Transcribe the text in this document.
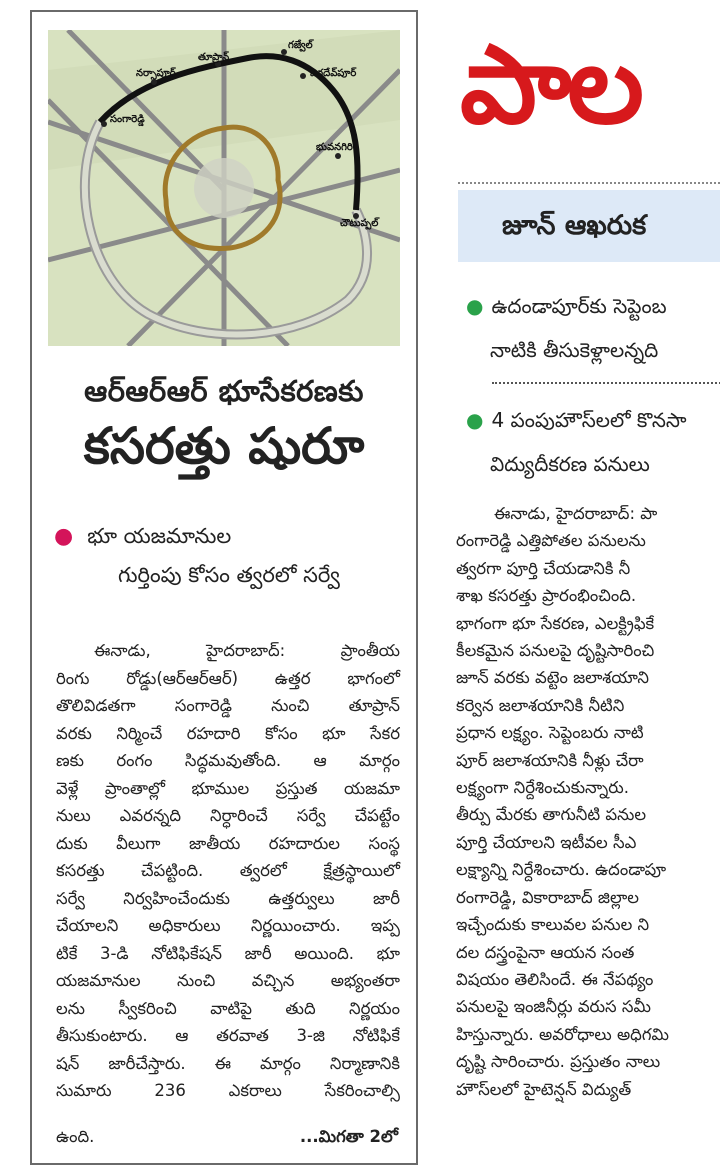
గజ్వేల్
తూప్రాన్
జగదేవ్‌పూర్
నర్సాపూర్
సంగారెడ్డి
భువనగిరి
చౌటుప్పల్
ఆర్‌ఆర్‌ఆర్ భూసేకరణకు
కసరత్తు షురూ
● భూ యజమానుల
గుర్తింపు కోసం త్వరలో సర్వే

ఈనాడు, హైదరాబాద్: ప్రాంతీయ

రింగు రోడ్డు(ఆర్‌ఆర్‌ఆర్) ఉత్తర భాగంలో

తొలివిడతగా సంగారెడ్డి నుంచి తూప్రాన్

వరకు నిర్మించే రహదారి కోసం భూ సేకర

ణకు రంగం సిద్ధమవుతోంది. ఆ మార్గం

వెళ్లే ప్రాంతాల్లో భూముల ప్రస్తుత యజమా

నులు ఎవరన్నది నిర్ధారించే సర్వే చేపట్టేం

దుకు వీలుగా జాతీయ రహదారుల సంస్థ

కసరత్తు చేపట్టింది. త్వరలో క్షేత్రస్థాయిలో

సర్వే నిర్వహించేందుకు ఉత్తర్వులు జారీ

చేయాలని అధికారులు నిర్ణయించారు. ఇప్ప

టికే 3-డి నోటిఫికేషన్ జారీ అయింది. భూ

యజమానుల నుంచి వచ్చిన అభ్యంతరా

లను స్వీకరించి వాటిపై తుది నిర్ణయం

తీసుకుంటారు. ఆ తరవాత 3-జి నోటిఫికే

షన్ జారీచేస్తారు. ఈ మార్గం నిర్మాణానికి

సుమారు 236 ఎకరాలు సేకరించాల్సి

ఉంది.	...మిగతా 2లో
పాల
జూన్ ఆఖరుక
● ఉదండాపూర్‌కు సెప్టెంబ
నాటికి తీసుకెళ్లాలన్నది
● 4 పంపుహౌస్‌లలో కొనసా
విద్యుదీకరణ పనులు

ఈనాడు, హైదరాబాద్: పా

రంగారెడ్డి ఎత్తిపోతల పనులను

త్వరగా పూర్తి చేయడానికి నీ

శాఖ కసరత్తు ప్రారంభించింది.

భాగంగా భూ సేకరణ, ఎలక్ట్రిఫికే

కీలకమైన పనులపై దృష్టిసారించి

జూన్ వరకు వట్టెం జలాశయాని

కర్వెన జలాశయానికి నీటిని

ప్రధాన లక్ష్యం. సెప్టెంబరు నాటి

పూర్ జలాశయానికి నీళ్లు చేరా

లక్ష్యంగా నిర్దేశించుకున్నారు.

తీర్పు మేరకు తాగునీటి పనుల

పూర్తి చేయాలని ఇటీవల సీఎ

లక్ష్యాన్ని నిర్దేశించారు. ఉదండాపూ

రంగారెడ్డి, వికారాబాద్ జిల్లాల

ఇచ్చేందుకు కాలువల పనుల ని

దల దస్త్రంపైనా ఆయన సంత

విషయం తెలిసిందే. ఈ నేపథ్యం

పనులపై ఇంజినీర్లు వరుస సమీ

హిస్తున్నారు. అవరోధాలు అధిగమి

దృష్టి సారించారు. ప్రస్తుతం నాలు

హౌస్‌లలో హైటెన్షన్ విద్యుత్
